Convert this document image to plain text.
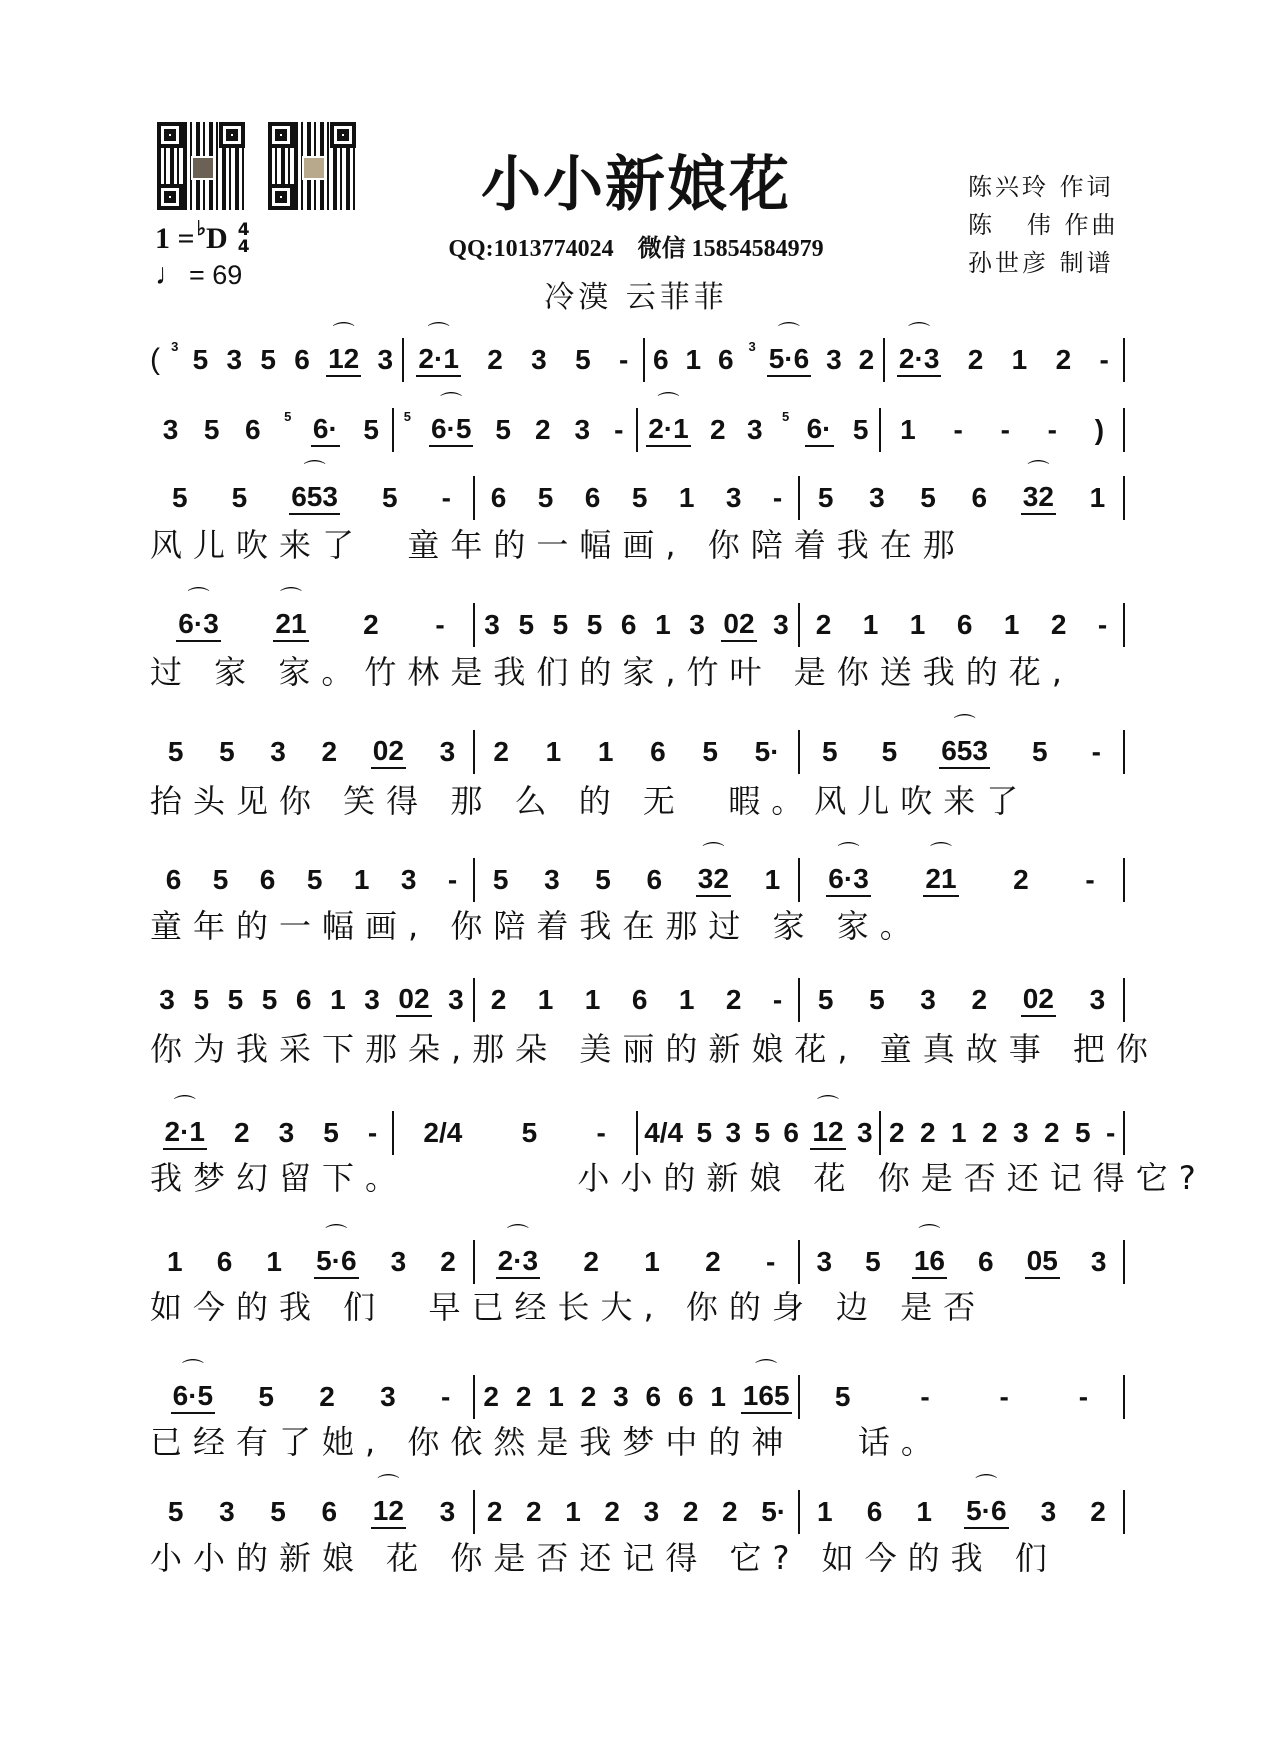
1 = ♭ D 4
4
♩ = 69
小小新娘花
QQ:1013774024 微信 15854584979
冷漠 云菲菲
陈兴玲 作词
陈   伟 作曲
孙世彦 制谱
( 3 5 3 5 6 ⌒ 12 3 ⌒ 2·1 2 3 5 - 6 1 6 3 ⌒ 5·6 3 2 ⌒ 2·3 2 1 2 -
3 5 6 5 6· 5 5 ⌒ 6·5 5 2 3 - ⌒ 2·1 2 3 5 6· 5 1 - - - )
5 5 ⌒ 653 5 - 6 5 6 5 1 3 - 5 3 5 6 ⌒ 32 1
风儿吹来了  童年的一幅画, 你陪着我在那
⌒ 6·3 ⌒ 21 2 - 3 5 5 5 6 1 3 02 3 2 1 1 6 1 2 -
过 家 家。竹林是我们的家,竹叶 是你送我的花,
5 5 3 2 02 3 2 1 1 6 5 5· 5 5 ⌒ 653 5 -
抬头见你 笑得 那 么 的 无  暇。风儿吹来了
6 5 6 5 1 3 - 5 3 5 6 ⌒ 32 1 ⌒ 6·3 ⌒ 21 2 -
童年的一幅画, 你陪着我在那过 家 家。
3 5 5 5 6 1 3 02 3 2 1 1 6 1 2 - 5 5 3 2 02 3
你为我采下那朵,那朵 美丽的新娘花, 童真故事 把你
⌒ 2·1 2 3 5 - 2/4 5 - 4/4 5 3 5 6 ⌒ 12 3 2 2 1 2 3 2 5 -
我梦幻留下。        小小的新娘 花 你是否还记得它?
1 6 1 ⌒ 5·6 3 2 ⌒ 2·3 2 1 2 - 3 5 ⌒ 16 6 05 3
如今的我 们  早已经长大, 你的身 边 是否
⌒ 6·5 5 2 3 - 2 2 1 2 3 6 6 1 ⌒ 165 5 - - -
已经有了她, 你依然是我梦中的神   话。
5 3 5 6 ⌒ 12 3 2 2 1 2 3 2 2 5· 1 6 1 ⌒ 5·6 3 2
小小的新娘 花 你是否还记得 它? 如今的我 们
